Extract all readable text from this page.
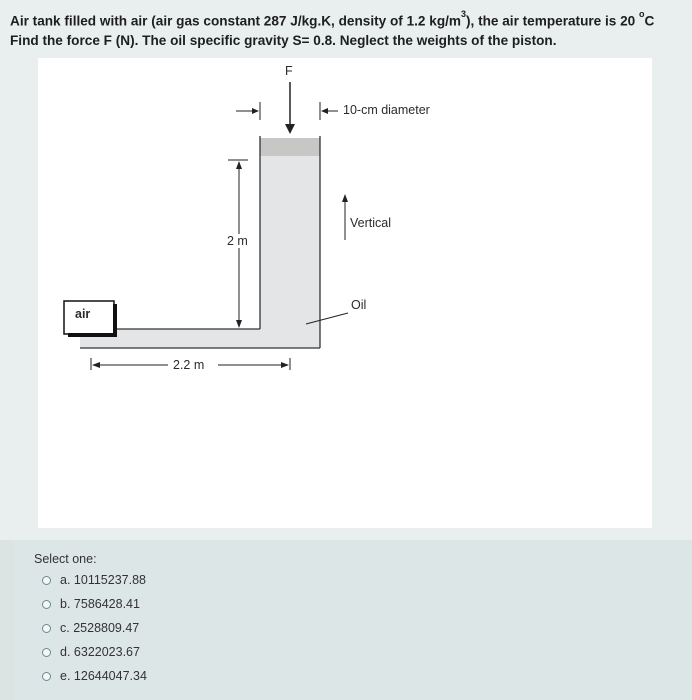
Air tank filled with air (air gas constant 287 J/kg.K, density of 1.2 $kg/m^3$), the air temperature is 20 $^o$C
Find the force F (N). The oil specific gravity S= 0.8. Neglect the weights of the piston.
F
10-cm diameter
Vertical
2 m
Oil
air
2.2 m
Select one:
a.
10115237.88
b.
7586428.41
c.
2528809.47
d.
6322023.67
e.
12644047.34
